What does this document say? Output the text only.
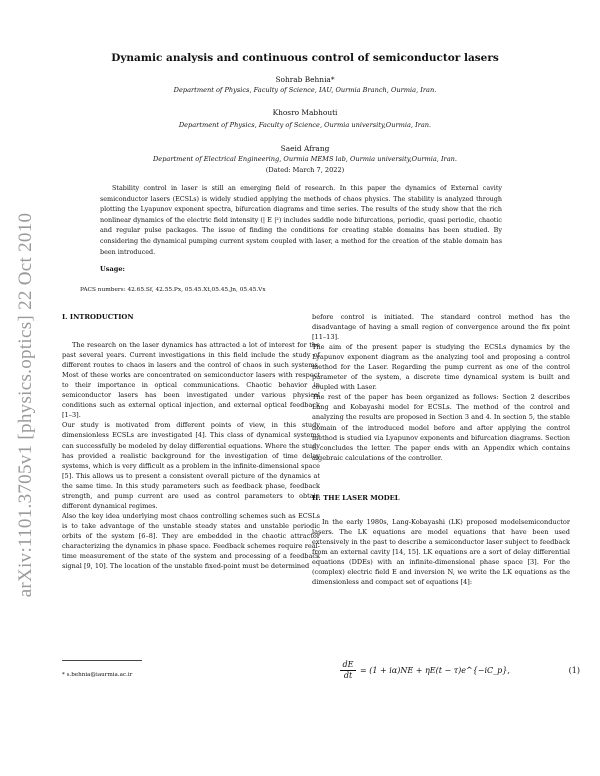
arXiv:1101.3705v1 [physics.optics] 22 Oct 2010
Dynamic analysis and continuous control of semiconductor lasers
Sohrab Behnia*
Department of Physics, Faculty of Science, IAU, Ourmia Branch, Ourmia, Iran.
Khosro Mabhouti
Department of Physics, Faculty of Science, Ourmia university,Ourmia, Iran.
Saeid Afrang
Department of Electrical Engineering, Ourmia MEMS lab, Ourmia university,Ourmia, Iran.
(Dated: March 7, 2022)
Stability control in laser is still an emerging field of research. In this paper the dynamics of External cavity semiconductor lasers (ECSLs) is widely studied applying the methods of chaos physics. The stability is analyzed through plotting the Lyapunov exponent spectra, bifurcation diagrams and time series. The results of the study show that the rich nonlinear dynamics of the electric field intensity (| E |²) includes saddle node bifurcations, periodic, quasi periodic, chaotic and regular pulse packages. The issue of finding the conditions for creating stable domains has been studied. By considering the dynamical pumping current system coupled with laser, a method for the creation of the stable domain has been introduced.
Usage:
PACS numbers: 42.65.Sf, 42.55.Px, 05.45.Xt,05.45.Jn, 05.45.Vx

I. INTRODUCTION

The research on the laser dynamics has attracted a lot of interest for the past several years. Current investigations in this field include the study of different routes to chaos in lasers and the control of chaos in such systems. Most of these works are concentrated on semiconductor lasers with respect to their importance in optical communications. Chaotic behavior in semiconductor lasers has been investigated under various physical conditions such as external optical injection, and external optical feedback [1–3].

Our study is motivated from different points of view, in this study dimensionless ECSLs are investigated [4]. This class of dynamical systems can successfully be modeled by delay differential equations. Where the study has provided a realistic background for the investigation of time delay systems, which is very difficult as a problem in the infinite-dimensional space [5]. This allows us to present a consistent overall picture of the dynamics at the same time. In this study parameters such as feedback phase, feedback strength, and pump current are used as control parameters to obtain different dynamical regimes.

Also the key idea underlying most chaos controlling schemes such as ECSLs is to take advantage of the unstable steady states and unstable periodic orbits of the system [6–8]. They are embedded in the chaotic attractor characterizing the dynamics in phase space. Feedback schemes require real-time measurement of the state of the system and processing of a feedback signal [9, 10]. The location of the unstable fixed-point must be determined

before control is initiated. The standard control method has the disadvantage of having a small region of convergence around the fix point [11–13].

The aim of the present paper is studying the ECSLs dynamics by the Lyapunov exponent diagram as the analyzing tool and proposing a control method for the Laser. Regarding the pump current as one of the control parameter of the system, a discrete time dynamical system is built and coupled with Laser.

The rest of the paper has been organized as follows: Section 2 describes Lang and Kobayashi model for ECSLs. The method of the control and analyzing the results are proposed in Section 3 and 4. In section 5, the stable domain of the introduced model before and after applying the control method is studied via Lyapunov exponents and bifurcation diagrams. Section 6 concludes the letter. The paper ends with an Appendix which contains algebraic calculations of the controller.

II. THE LASER MODEL

In the early 1980s, Lang-Kobayashi (LK) proposed modelsemiconductor lasers. The LK equations are model equations that have been used extensively in the past to describe a semiconductor laser subject to feedback from an external cavity [14, 15]. LK equations are a sort of delay differential equations (DDEs) with an infinite-dimensional phase space [3]. For the (complex) electric field E and inversion N, we write the LK equations as the dimensionless and compact set of equations [4]:

$\frac{dE}{dt} = (1 + i\alpha)NE + \eta E(t$ − τ)e^{−iC_p},	(1)
* s.behnia@iaurmia.ac.ir
